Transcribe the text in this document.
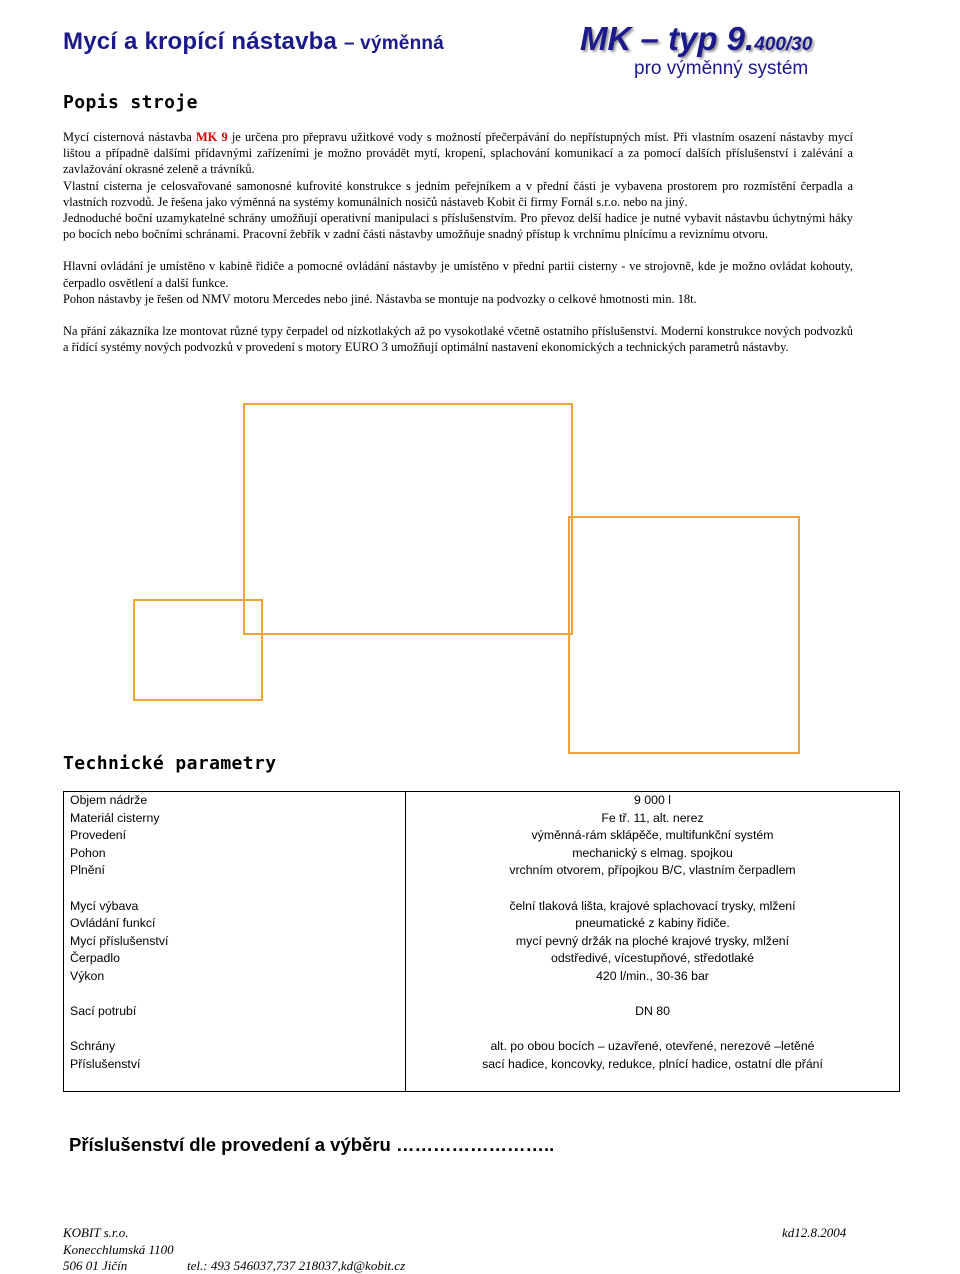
Mycí a kropící nástavba – výměnná	MK – typ 9.400/30
pro výměnný systém
Popis stroje

Mycí cisternová nástavba MK 9 je určena pro přepravu užitkové vody s možností přečerpávání do nepřístupných míst. Při vlastním osazení nástavby mycí lištou a případně dalšími přídavnými zařízeními je možno provádět mytí, kropení, splachování komunikací a za pomocí dalších příslušenství i zalévání a zavlažování okrasné zeleně a trávníků.

Vlastní cisterna je celosvařované samonosné kufrovité konstrukce s jedním peřejníkem a v přední části je vybavena prostorem pro rozmístění čerpadla a vlastních rozvodů. Je řešena jako výměnná na systémy komunálních nosičů nástaveb Kobit či firmy Fornál s.r.o. nebo na jiný.

Jednoduché boční uzamykatelné schrány umožňují operativní manipulaci s příslušenstvím. Pro převoz delší hadice je nutné vybavit nástavbu úchytnými háky po bocích nebo bočními schránami. Pracovní žebřík v zadní části nástavby umožňuje snadný přístup k vrchnímu plnícímu a reviznímu otvoru.

Hlavní ovládání je umístěno v kabině řidiče a pomocné ovládání nástavby je umístěno v přední partii cisterny - ve strojovně, kde je možno ovládat kohouty, čerpadlo osvětlení a další funkce.

Pohon nástavby je řešen od NMV motoru Mercedes nebo jiné. Nástavba se montuje na podvozky o celkové hmotnosti min. 18t.

Na přání zákazníka lze montovat různé typy čerpadel od nízkotlakých až po vysokotlaké včetně ostatního příslušenství. Moderní konstrukce nových podvozků a řídící systémy nových podvozků v provedení s motory EURO 3 umožňují optimální nastavení ekonomických a technických parametrů nástavby.

Technické parametry
Objem nádrže	9 000 l
Materiál cisterny	Fe tř. 11, alt. nerez
Provedení	výměnná-rám sklápěče, multifunkční systém
Pohon	mechanický s elmag. spojkou
Plnění	vrchním otvorem, přípojkou B/C, vlastním čerpadlem

Mycí výbava	čelní tlaková lišta, krajové splachovací trysky, mlžení
Ovládání funkcí	pneumatické z kabiny řidiče.
Mycí příslušenství	mycí pevný držák na ploché krajové trysky, mlžení
Čerpadlo	odstředivé, vícestupňové, středotlaké
Výkon	420 l/min., 30-36 bar

Sací potrubí	DN 80

Schrány	alt. po obou bocích – uzavřené, otevřené, nerezové –letěné
Příslušenství	sací hadice, koncovky, redukce, plnící hadice, ostatní dle přání

Příslušenství dle provedení a výběru ……………………..
KOBIT s.r.o.
Konecchlumská 1100
506 01 Jičín	tel.: 493 546037,737 218037,kd@kobit.cz
kd12.8.2004
